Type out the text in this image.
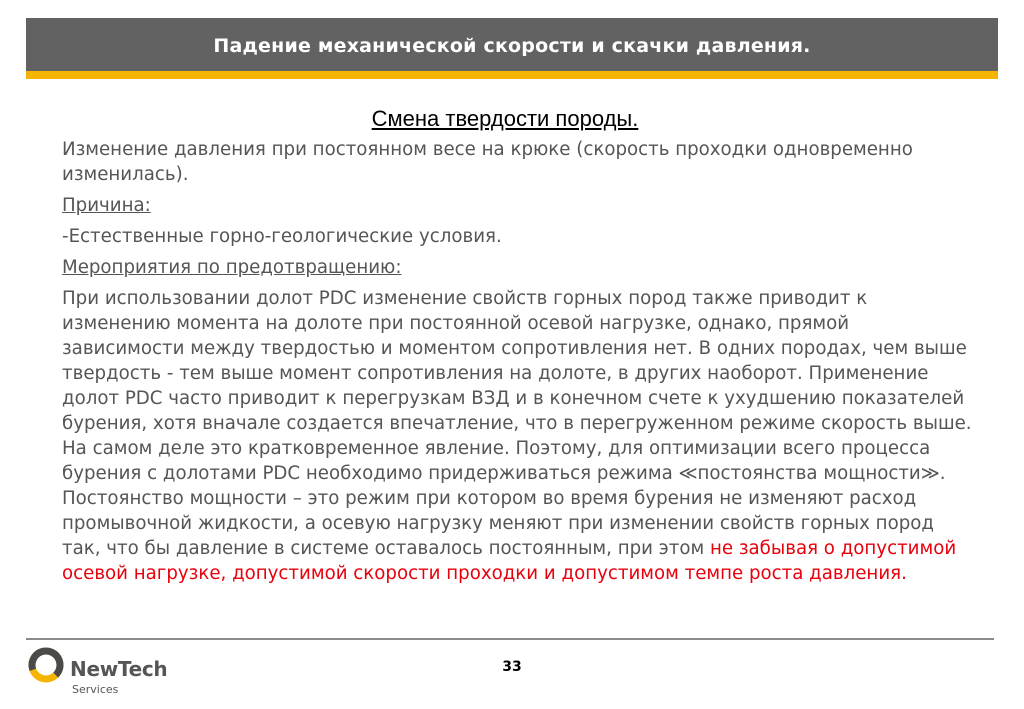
Падение механической скорости и скачки давления.
Смена твердости породы.

Изменение давления при постоянном весе на крюке (скорость проходки одновременно изменилась).

Причина:

-Естественные горно-геологические условия.

Мероприятия по предотвращению:

При использовании долот PDC изменение свойств горных пород также приводит к изменению момента на долоте при постоянной осевой нагрузке, однако, прямой зависимости между твердостью и моментом сопротивления нет. В одних породах, чем выше твердость - тем выше момент сопротивления на долоте, в других наоборот. Применение долот PDC часто приводит к перегрузкам ВЗД и в конечном счете к ухудшению показателей бурения, хотя вначале создается впечатление, что в перегруженном режиме скорость выше. На самом деле это кратковременное явление. Поэтому, для оптимизации всего процесса бурения с долотами PDC необходимо придерживаться режима ≪постоянства мощности≫. Постоянство мощности – это режим при котором во время бурения не изменяют расход промывочной жидкости, а осевую нагрузку меняют при изменении свойств горных пород так, что бы давление в системе оставалось постоянным, при этом не забывая о допустимой осевой нагрузке, допустимой скорости проходки и допустимом темпе роста давления.

NewTech
Services
33
